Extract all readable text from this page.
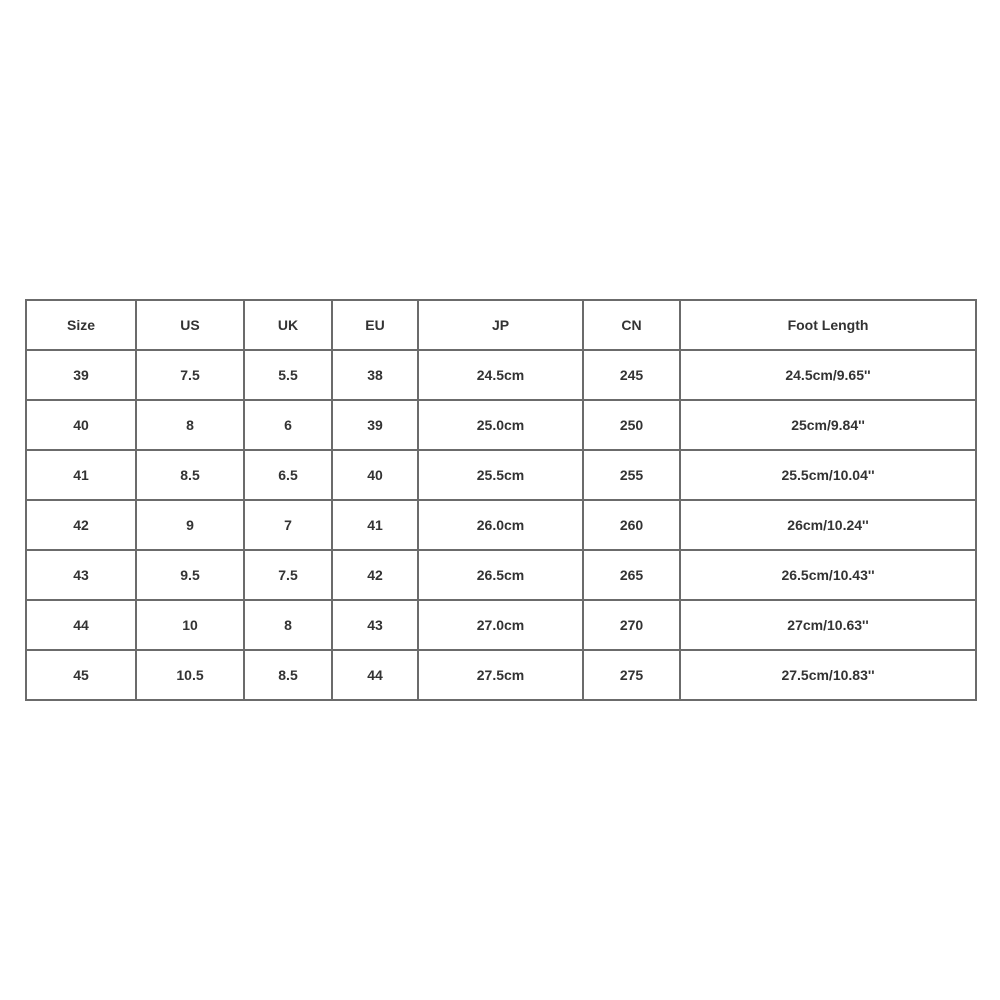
Size	US	UK	EU	JP	CN	Foot Length
39	7.5	5.5	38	24.5cm	245	24.5cm/9.65''
40	8	6	39	25.0cm	250	25cm/9.84''
41	8.5	6.5	40	25.5cm	255	25.5cm/10.04''
42	9	7	41	26.0cm	260	26cm/10.24''
43	9.5	7.5	42	26.5cm	265	26.5cm/10.43''
44	10	8	43	27.0cm	270	27cm/10.63''
45	10.5	8.5	44	27.5cm	275	27.5cm/10.83''
